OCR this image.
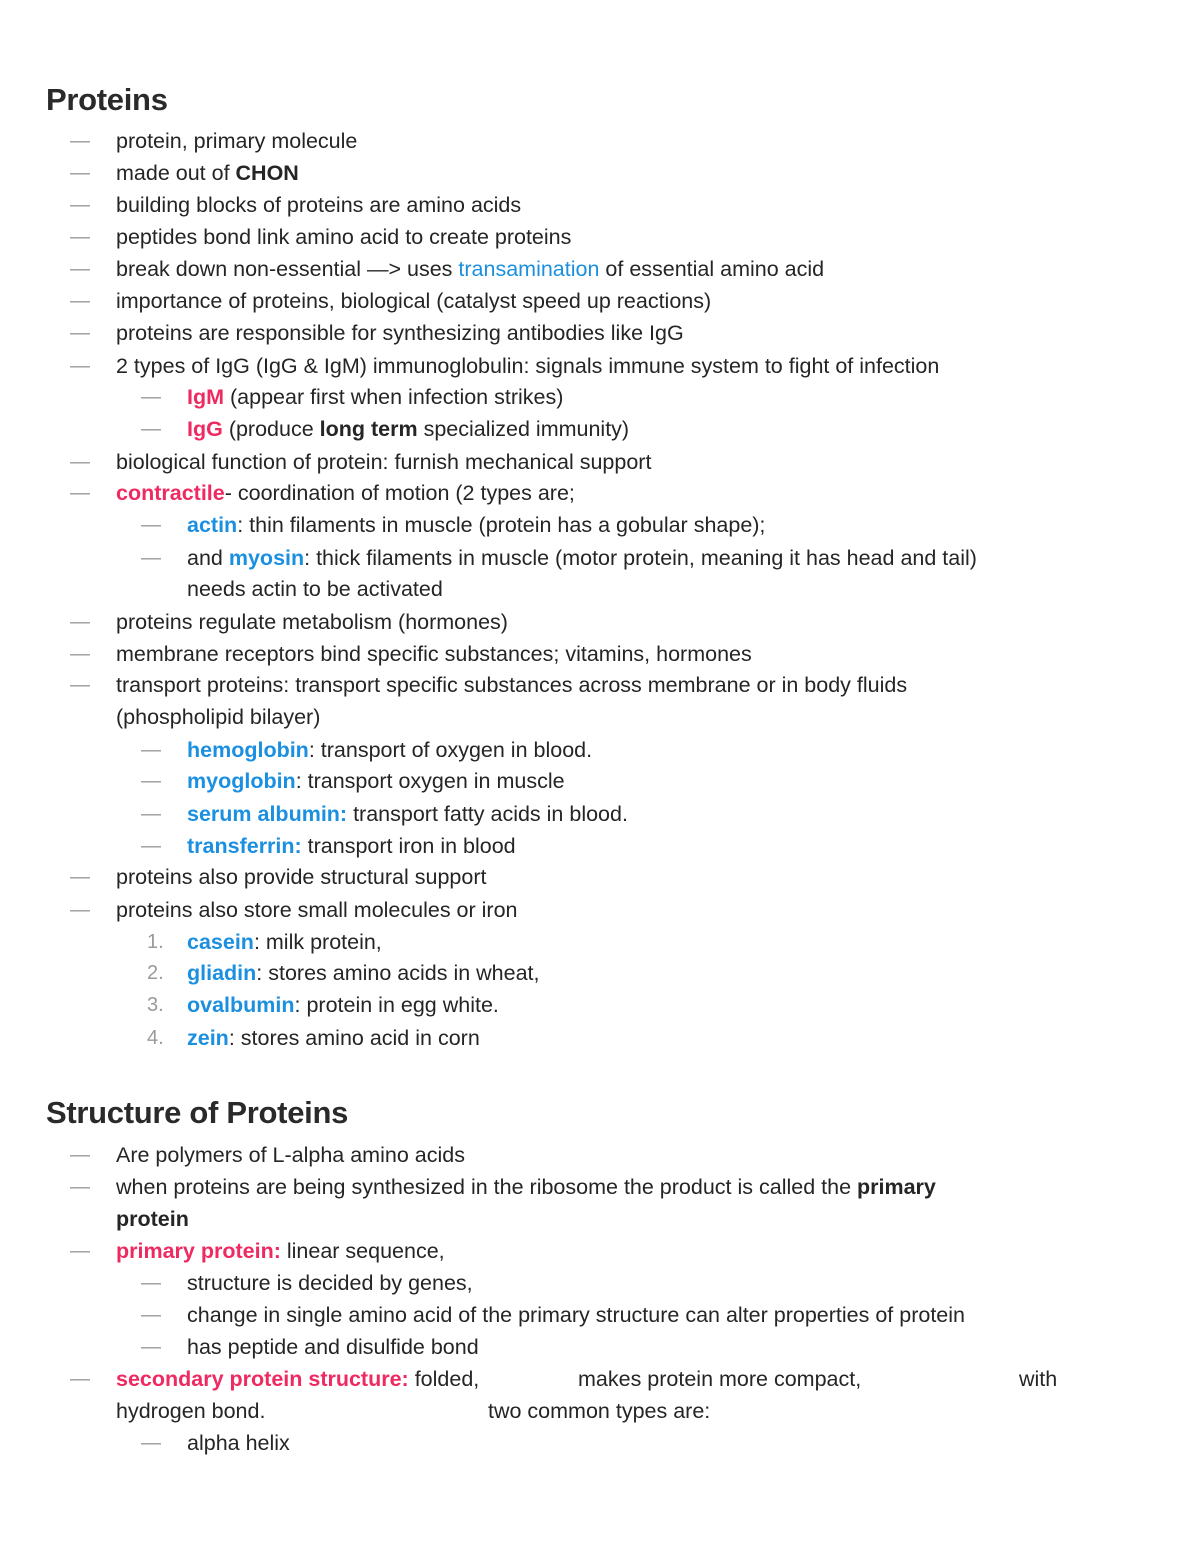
Proteins
— protein, primary molecule
— made out of CHON
— building blocks of proteins are amino acids
— peptides bond link amino acid to create proteins
— break down non-essential —> uses transamination of essential amino acid
— importance of proteins, biological (catalyst speed up reactions)
— proteins are responsible for synthesizing antibodies like IgG
— 2 types of IgG (IgG & IgM) immunoglobulin: signals immune system to fight of infection
— IgM (appear first when infection strikes)
— IgG (produce long term specialized immunity)
— biological function of protein: furnish mechanical support
— contractile- coordination of motion (2 types are;
— actin: thin filaments in muscle (protein has a gobular shape);
— and myosin: thick filaments in muscle (motor protein, meaning it has head and tail)
needs actin to be activated
— proteins regulate metabolism (hormones)
— membrane receptors bind specific substances; vitamins, hormones
— transport proteins: transport specific substances across membrane or in body fluids
(phospholipid bilayer)
— hemoglobin: transport of oxygen in blood.
— myoglobin: transport oxygen in muscle
— serum albumin: transport fatty acids in blood.
— transferrin: transport iron in blood
— proteins also provide structural support
— proteins also store small molecules or iron
1. casein: milk protein,
2. gliadin: stores amino acids in wheat,
3. ovalbumin: protein in egg white.
4. zein: stores amino acid in corn
Structure of Proteins
— Are polymers of L-alpha amino acids
— when proteins are being synthesized in the ribosome the product is called the primary
protein
— primary protein: linear sequence,
— structure is decided by genes,
— change in single amino acid of the primary structure can alter properties of protein
— has peptide and disulfide bond
— secondary protein structure: folded,	makes protein more compact,	with
hydrogen bond.	two common types are:
— alpha helix
